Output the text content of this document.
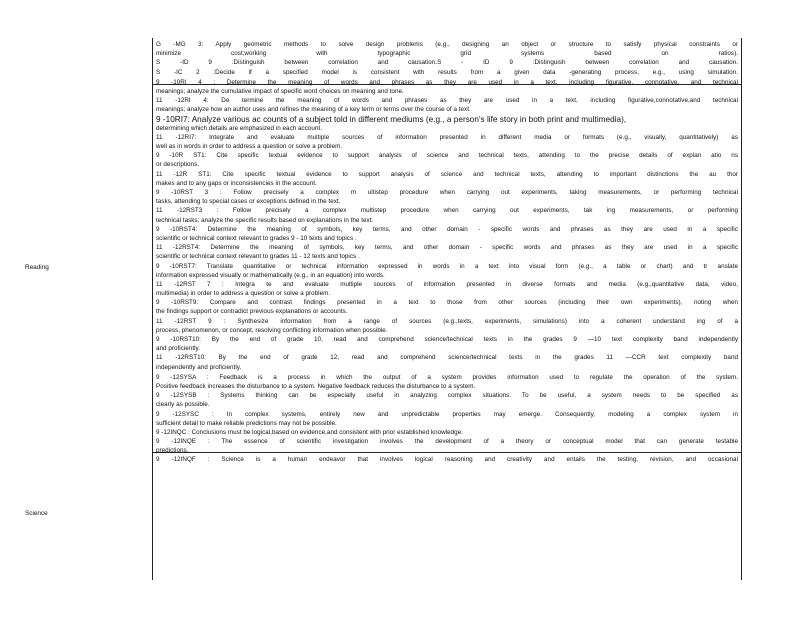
Reading
Science
G -MG 3: Apply geometric methods to solve design problems (e.g., designing an object or structure to satisfy physical constraints or
minimize cost;working with typographic grid systems based on ratios).
S -ID 9 :Distinguish between correlation and causation.S - ID 9 :Distinguish between correlation and causation.
S -IC 2 :Decide if a specified model is consistent with results from a given data -generating process, e.g., using simulation.
9 -10RI 4 : Determine the meaning of words and phrases as they are used in a text, including figurative, connotative, and technical
meanings; analyze the cumulative impact of specific word choices on meaning and tone.
11 -12RI 4: De termine the meaning of words and phrases as they are used in a text, including figurative,connotative,and technical
meanings; analyze how an author uses and refines the meaning of a key term or terms over the course of a text.
9 -10RI7: Analyze various ac counts of a subject told in different mediums (e.g., a person's life story in both print and multimedia),
determining which details are emphasized in each account.
11 -12RI7: Integrate and evaluate multiple sources of information presented in different media or formats (e.g., visually, quantitatively) as
well as in words in order to address a question or solve a problem.
9 -10R ST1: Cite specific textual evidence to support analysis of science and technical texts, attending to the precise details of explan atio ns
or descriptions.
11 -12R ST1: Cite specific textual evidence to support analysis of science and technical texts, attending to important distinctions the au thor
makes and to any gaps or inconsistencies in the account.
9 -10RST 3 : Follow precisely a complex m ultistep procedure when carrying out experiments, taking measurements, or performing technical
tasks, attending to special cases or exceptions defined in the text.
11 -12RST3 : Follow precisely a complex multistep procedure when carrying out experiments, tak ing measurements, or performing
technical tasks; analyze the specific results based on explanations in the text.
9 -10RST4: Determine the meaning of symbols, key terms, and other domain - specific words and phrases as they are used in a specific
scientific or technical context relevant to grades 9 - 10 texts and topics .
11 -12RST4: Determine the meaning of symbols, key terms, and other domain - specific words and phrases as they are used in a specific
scientific or technical context relevant to grades 11 - 12 texts and topics .
9 -10RST7: Translate quantitative or technical information expressed in words in a text into visual form (e.g., a table or chart) and tr anslate
information expressed visually or mathematically (e.g., in an equation) into words.
11 -12RST 7 : Integra te and evaluate multiple sources of information presented in diverse formats and media (e.g.,quantitative data, video,
multimedia) in order to address a question or solve a problem.
9 -10RST9: Compare and contrast findings presented in a text to those from other sources (including their own experiments), noting when
the findings support or contradict previous explanations or accounts.
11 -12RST 9 : Synthesize information from a range of sources (e.g.,texts, experiments, simulations) into a coherent understand ing of a
process, phenomenon, or concept, resolving conflicting information when possible.
9 -10RST10: By the end of grade 10, read and comprehend science/technical texts in the grades 9 —10 text complexity band independently
and proficiently.
11 -12RST10: By the end of grade 12, read and comprehend science/technical texts in the grades 11 —CCR text complexity band
independently and proficiently.
9 -12SYSA : Feedback is a process in which the output of a system provides information used to regulate the operation of the system.
Positive feedback increases the disturbance to a system. Negative feedback reduces the disturbance to a system.
9 -12SYSB : Systems thinking can be especially useful in analyzing complex situations. To be useful, a system needs to be specified as
clearly as possible.
9 -12SYSC : In complex systems, entirely new and unpredictable properties may emerge. Consequently, modeling a complex system in
sufficient detail to make reliable predictions may not be possible.
9 -12INQC : Conclusions must be logical,based on evidence,and consistent with prior established knowledge.
9 -12INQE : The essence of scientific investigation involves the development of a theory or conceptual model that can generate testable
predictions.
9 -12INQF : Science is a human endeavor that involves logical reasoning and creativity and entails the testing, revision, and occasional
